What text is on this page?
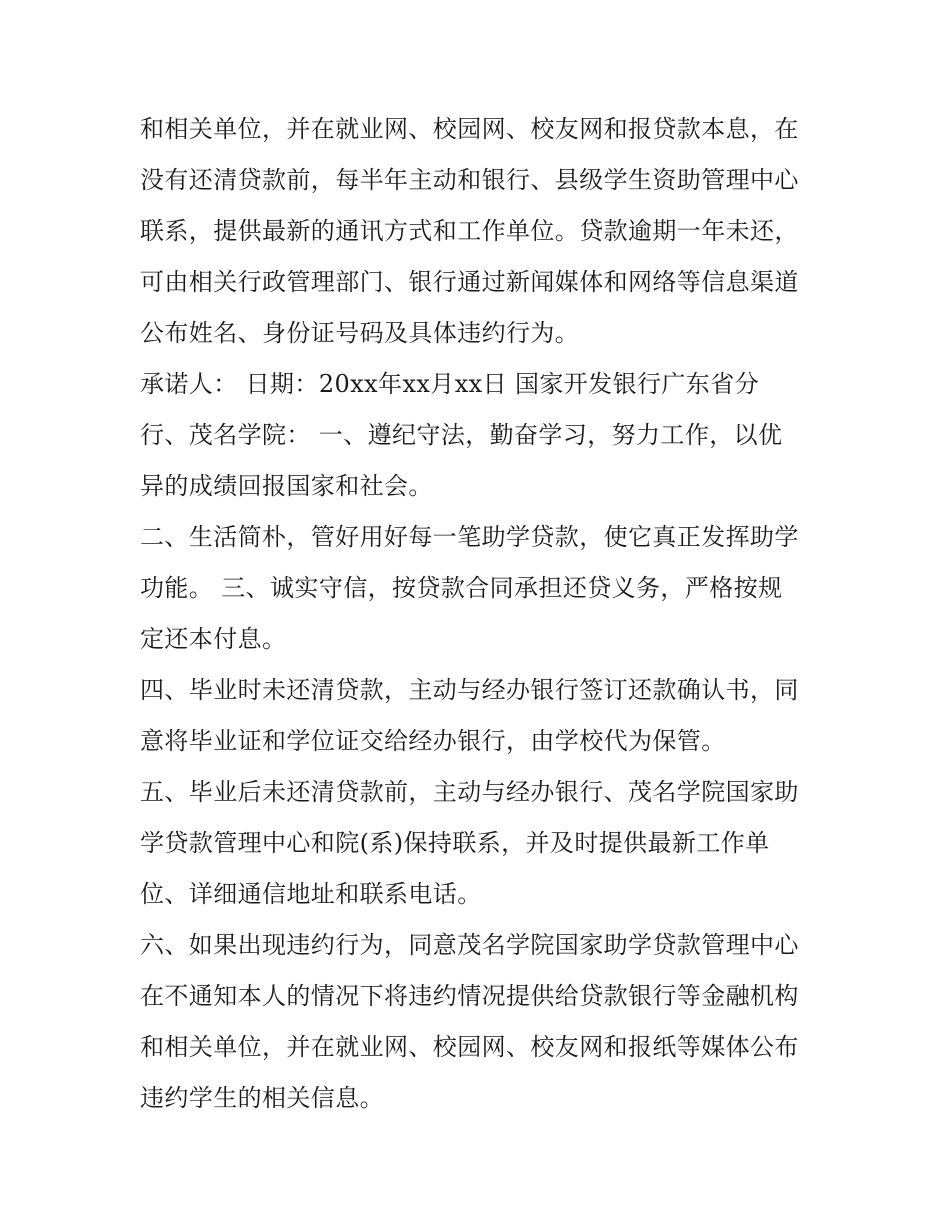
和相关单位，并在就业网、校园网、校友网和报贷款本息，在

没有还清贷款前，每半年主动和银行、县级学生资助管理中心

联系，提供最新的通讯方式和工作单位。贷款逾期一年未还，

可由相关行政管理部门、银行通过新闻媒体和网络等信息渠道

公布姓名、身份证号码及具体违约行为。

承诺人： 日期：20xx年xx月xx日 国家开发银行广东省分

行、茂名学院： 一、遵纪守法，勤奋学习，努力工作，以优

异的成绩回报国家和社会。

二、生活简朴，管好用好每一笔助学贷款，使它真正发挥助学

功能。 三、诚实守信，按贷款合同承担还贷义务，严格按规

定还本付息。

四、毕业时未还清贷款，主动与经办银行签订还款确认书，同

意将毕业证和学位证交给经办银行，由学校代为保管。

五、毕业后未还清贷款前，主动与经办银行、茂名学院国家助

学贷款管理中心和院(系)保持联系，并及时提供最新工作单

位、详细通信地址和联系电话。

六、如果出现违约行为，同意茂名学院国家助学贷款管理中心

在不通知本人的情况下将违约情况提供给贷款银行等金融机构

和相关单位，并在就业网、校园网、校友网和报纸等媒体公布

违约学生的相关信息。
